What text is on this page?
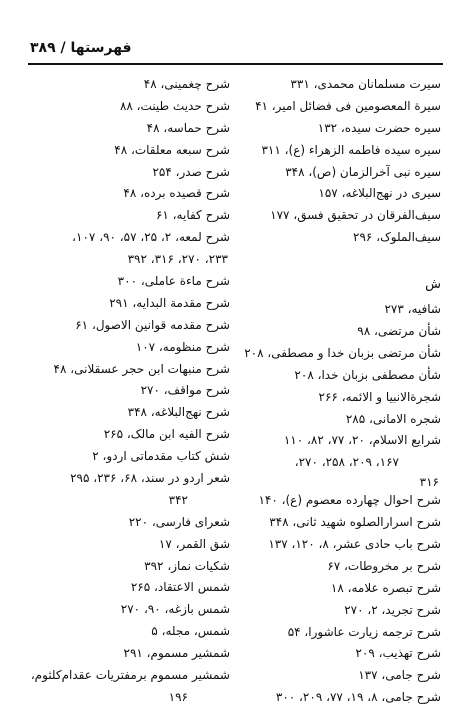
فهرستها / ۳۸۹
سیرت مسلمانان محمدی، ۳۳۱
سیرة المعصومین فی فضائل امیر، ۴۱
سیره حضرت سیده، ۱۳۲
سیره سیده فاطمه الزهراء (ع)، ۳۱۱
سیره نبی آخرالزمان (ص)، ۳۴۸
سیری در نهج‌البلاغه، ۱۵۷
سیف‌الفرقان در تحقیق فسق، ۱۷۷
سیف‌الملوک، ۲۹۶
ش
شافیه، ۲۷۳
شأن مرتضی، ۹۸
شأن مرتضی بزبان خدا و مصطفی، ۲۰۸
شأن مصطفی بزبان خدا، ۲۰۸
شجرة‌الانبیا و الائمه، ۲۶۶
شجره الامانی، ۲۸۵
شرایع الاسلام، ۲۰، ۷۷، ۸۲، ۱۱۰
۱۶۷، ۲۰۹، ۲۵۸، ۲۷۰،
۳۱۶
شرح احوال چهارده معصوم (ع)، ۱۴۰
شرح اسرارالصلوه شهید ثانی، ۳۴۸
شرح باب حادی عشر، ۸، ۱۲۰، ۱۳۷
شرح بر مخروطات، ۶۷
شرح تبصره علامه، ۱۸
شرح تجرید، ۲، ۲۷۰
شرح ترجمه زیارت عاشورا، ۵۴
شرح تهذیب، ۲۰۹
شرح جامی، ۱۳۷
شرح جامی، ۸، ۱۹، ۷۷، ۲۰۹، ۳۰۰
شرح چغمینی، ۴۸
شرح حدیث طینت، ۸۸
شرح حماسه، ۴۸
شرح سبعه معلقات، ۴۸
شرح صدر، ۲۵۴
شرح قصیده برده، ۴۸
شرح کفایه، ۶۱
شرح لمعه، ۲، ۲۵، ۵۷، ۹۰، ۱۰۷،
۲۳۳، ۲۷۰، ۳۱۶، ۳۹۲
شرح ماءة عاملی، ۳۰۰
شرح مقدمة البدایه، ۲۹۱
شرح مقدمه قوانین الاصول، ۶۱
شرح منظومه، ۱۰۷
شرح منبهات ابن حجر عسقلانی، ۴۸
شرح مواقف، ۲۷۰
شرح نهج‌البلاغه، ۳۴۸
شرح الفیه ابن مالک، ۲۶۵
شش کتاب مقدماتی اردو، ۲
شعر اردو در سند، ۶۸، ۲۳۶، ۲۹۵
۳۴۲
شعرای فارسی، ۲۲۰
شق القمر، ۱۷
شکیات نماز، ۳۹۲
شمس الاعتقاد، ۲۶۵
شمس بازغه، ۹۰، ۲۷۰
شمس، مجله، ۵
شمشیر مسموم، ۲۹۱
شمشیر مسموم برمفتریات عقدام‌کلثوم،
۱۹۶
